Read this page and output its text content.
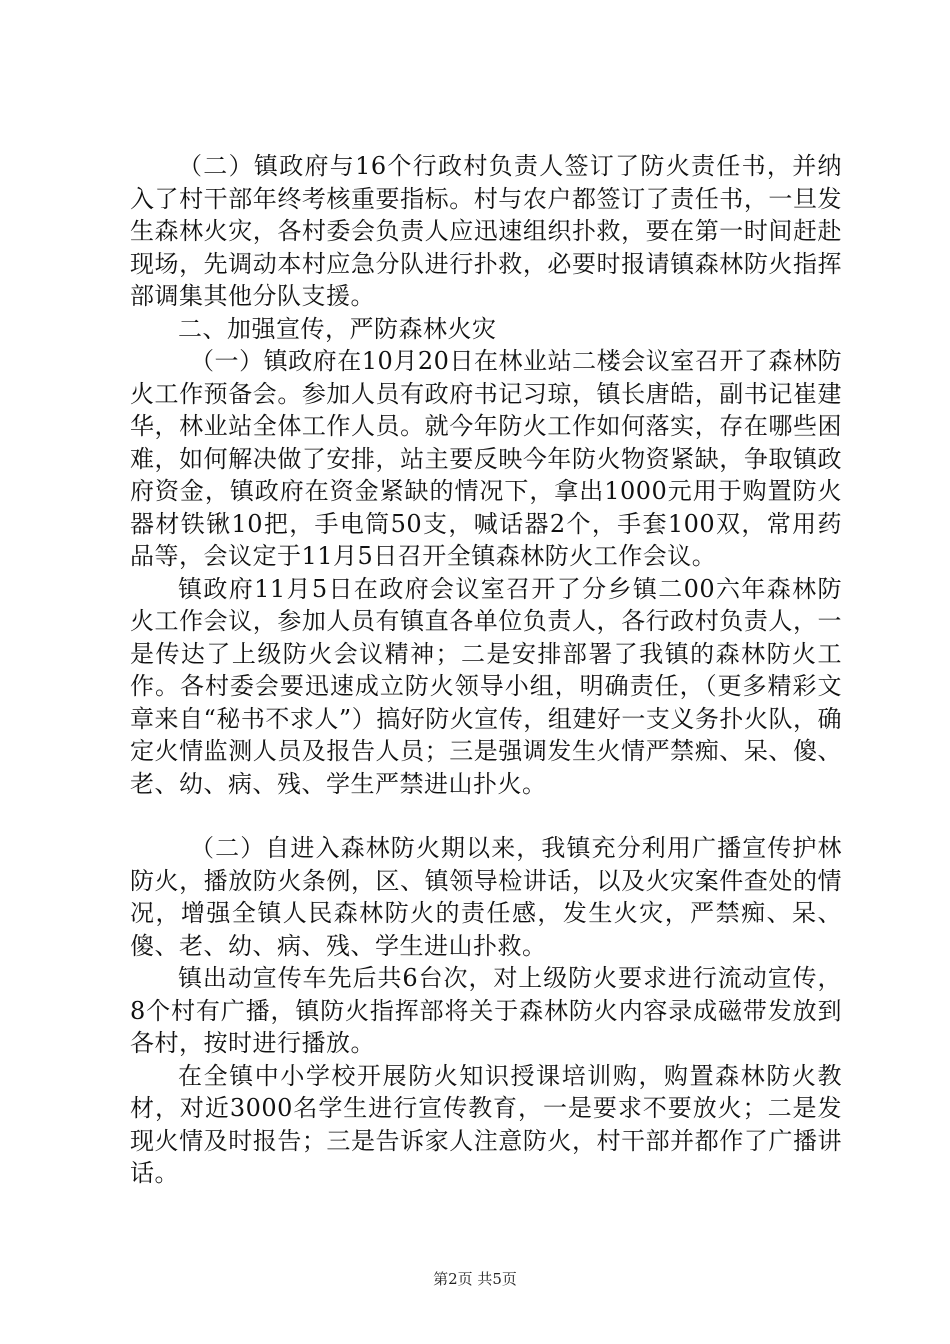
（二）镇政府与16个行政村负责人签订了防火责任书，并纳入了村干部年终考核重要指标。村与农户都签订了责任书，一旦发生森林火灾，各村委会负责人应迅速组织扑救，要在第一时间赶赴现场，先调动本村应急分队进行扑救，必要时报请镇森林防火指挥部调集其他分队支援。

二、加强宣传，严防森林火灾

（一）镇政府在10月20日在林业站二楼会议室召开了森林防火工作预备会。参加人员有政府书记习琼，镇长唐皓，副书记崔建华，林业站全体工作人员。就今年防火工作如何落实，存在哪些困难，如何解决做了安排，站主要反映今年防火物资紧缺，争取镇政府资金，镇政府在资金紧缺的情况下，拿出1000元用于购置防火器材铁锹10把，手电筒50支，喊话器2个，手套100双，常用药品等，会议定于11月5日召开全镇森林防火工作会议。

镇政府11月5日在政府会议室召开了分乡镇二00六年森林防火工作会议，参加人员有镇直各单位负责人，各行政村负责人，一是传达了上级防火会议精神；二是安排部署了我镇的森林防火工作。各村委会要迅速成立防火领导小组，明确责任，（更多精彩文章来自“秘书不求人”）搞好防火宣传，组建好一支义务扑火队，确定火情监测人员及报告人员；三是强调发生火情严禁痴、呆、傻、老、幼、病、残、学生严禁进山扑火。

（二）自进入森林防火期以来，我镇充分利用广播宣传护林防火，播放防火条例，区、镇领导检讲话，以及火灾案件查处的情况，增强全镇人民森林防火的责任感，发生火灾，严禁痴、呆、傻、老、幼、病、残、学生进山扑救。

镇出动宣传车先后共6台次，对上级防火要求进行流动宣传，8个村有广播，镇防火指挥部将关于森林防火内容录成磁带发放到各村，按时进行播放。

在全镇中小学校开展防火知识授课培训购，购置森林防火教材，对近3000名学生进行宣传教育，一是要求不要放火；二是发现火情及时报告；三是告诉家人注意防火，村干部并都作了广播讲话。

第2页 共5页
